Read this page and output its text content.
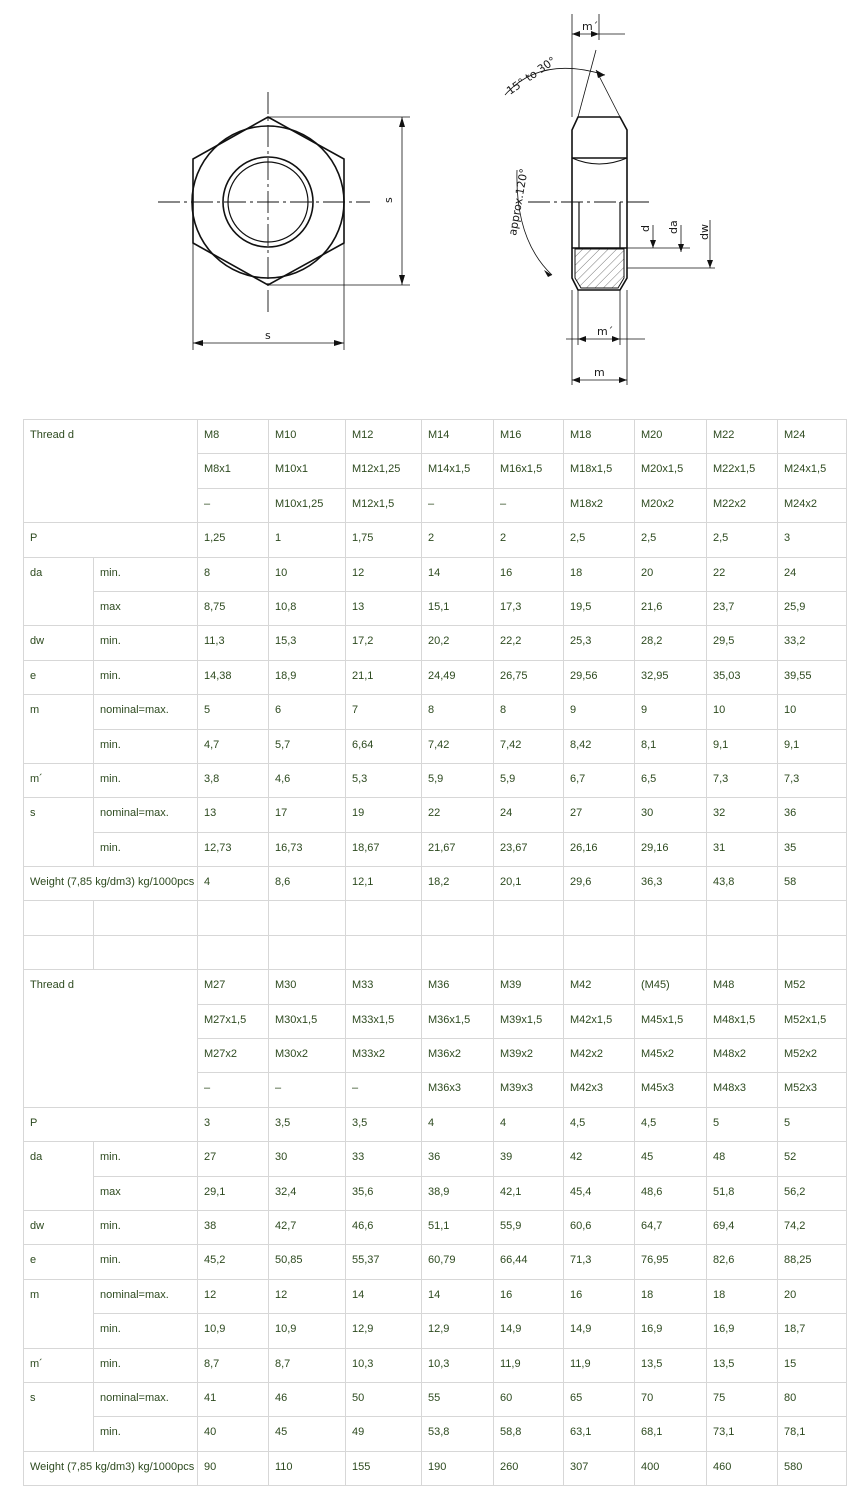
s
s
m´
15° to 30°
approx.120°	d da dw
m´
m
Thread d		M8	M10	M12	M14	M16	M18	M20	M22	M24
		M8x1	M10x1	M12x1,25	M14x1,5	M16x1,5	M18x1,5	M20x1,5	M22x1,5	M24x1,5
		–	M10x1,25	M12x1,5	–	–	M18x2	M20x2	M22x2	M24x2
P		1,25	1	1,75	2	2	2,5	2,5	2,5	3
da	min.	8	10	12	14	16	18	20	22	24
	max	8,75	10,8	13	15,1	17,3	19,5	21,6	23,7	25,9
dw	min.	11,3	15,3	17,2	20,2	22,2	25,3	28,2	29,5	33,2
e	min.	14,38	18,9	21,1	24,49	26,75	29,56	32,95	35,03	39,55
m	nominal=max.	5	6	7	8	8	9	9	10	10
	min.	4,7	5,7	6,64	7,42	7,42	8,42	8,1	9,1	9,1
m´	min.	3,8	4,6	5,3	5,9	5,9	6,7	6,5	7,3	7,3
s	nominal=max.	13	17	19	22	24	27	30	32	36
	min.	12,73	16,73	18,67	21,67	23,67	26,16	29,16	31	35
Weight (7,85 kg/dm3) kg/1000pcs		4	8,6	12,1	18,2	20,1	29,6	36,3	43,8	58

Thread d		M27	M30	M33	M36	M39	M42	(M45)	M48	M52
		M27x1,5	M30x1,5	M33x1,5	M36x1,5	M39x1,5	M42x1,5	M45x1,5	M48x1,5	M52x1,5
		M27x2	M30x2	M33x2	M36x2	M39x2	M42x2	M45x2	M48x2	M52x2
		–	–	–	M36x3	M39x3	M42x3	M45x3	M48x3	M52x3
P		3	3,5	3,5	4	4	4,5	4,5	5	5
da	min.	27	30	33	36	39	42	45	48	52
	max	29,1	32,4	35,6	38,9	42,1	45,4	48,6	51,8	56,2
dw	min.	38	42,7	46,6	51,1	55,9	60,6	64,7	69,4	74,2
e	min.	45,2	50,85	55,37	60,79	66,44	71,3	76,95	82,6	88,25
m	nominal=max.	12	12	14	14	16	16	18	18	20
	min.	10,9	10,9	12,9	12,9	14,9	14,9	16,9	16,9	18,7
m´	min.	8,7	8,7	10,3	10,3	11,9	11,9	13,5	13,5	15
s	nominal=max.	41	46	50	55	60	65	70	75	80
	min.	40	45	49	53,8	58,8	63,1	68,1	73,1	78,1
Weight (7,85 kg/dm3) kg/1000pcs		90	110	155	190	260	307	400	460	580
